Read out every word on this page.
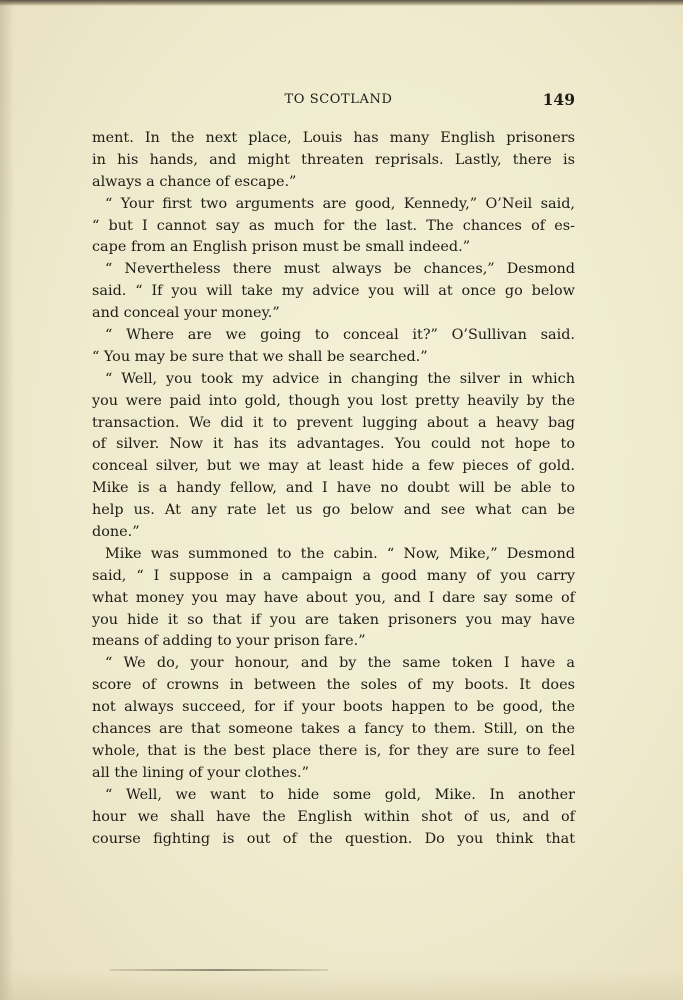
TO SCOTLAND	149
ment. In the next place, Louis has many English prisoners
in his hands, and might threaten reprisals. Lastly, there is
always a chance of escape.”
“ Your first two arguments are good, Kennedy,” O’Neil said,
“ but I cannot say as much for the last. The chances of es-
cape from an English prison must be small indeed.”
“ Nevertheless there must always be chances,” Desmond
said. “ If you will take my advice you will at once go below
and conceal your money.”
“ Where are we going to conceal it?” O’Sullivan said.
“ You may be sure that we shall be searched.”
“ Well, you took my advice in changing the silver in which
you were paid into gold, though you lost pretty heavily by the
transaction. We did it to prevent lugging about a heavy bag
of silver. Now it has its advantages. You could not hope to
conceal silver, but we may at least hide a few pieces of gold.
Mike is a handy fellow, and I have no doubt will be able to
help us. At any rate let us go below and see what can be
done.”
Mike was summoned to the cabin. “ Now, Mike,” Desmond
said, “ I suppose in a campaign a good many of you carry
what money you may have about you, and I dare say some of
you hide it so that if you are taken prisoners you may have
means of adding to your prison fare.”
“ We do, your honour, and by the same token I have a
score of crowns in between the soles of my boots. It does
not always succeed, for if your boots happen to be good, the
chances are that someone takes a fancy to them. Still, on the
whole, that is the best place there is, for they are sure to feel
all the lining of your clothes.”
“ Well, we want to hide some gold, Mike. In another
hour we shall have the English within shot of us, and of
course fighting is out of the question. Do you think that
